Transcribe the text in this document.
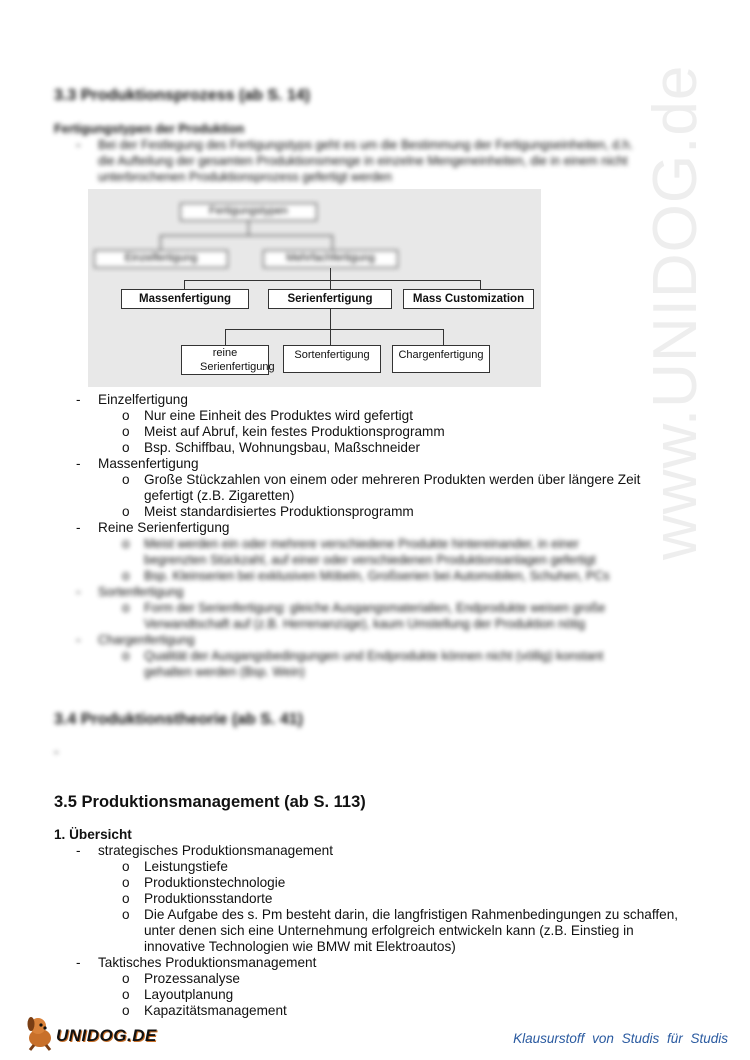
www.UNIDOG.de
3.3 Produktionsprozess (ab S. 14)
Fertigungstypen der Produktion
- Bei der Festlegung des Fertigungstyps geht es um die Bestimmung der Fertigungseinheiten, d.h.
die Aufteilung der gesamten Produktionsmenge in einzelne Mengeneinheiten, die in einem nicht
unterbrochenen Produktionsprozess gefertigt werden
Fertigungstypen
Einzelfertigung	Mehrfachfertigung
Massenfertigung	Serienfertigung	Mass Customization
reine Serienfertigung
Sortenfertigung	Chargenfertigung
- Einzelfertigung
o Nur eine Einheit des Produktes wird gefertigt
o Meist auf Abruf, kein festes Produktionsprogramm
o Bsp. Schiffbau, Wohnungsbau, Maßschneider
- Massenfertigung
o Große Stückzahlen von einem oder mehreren Produkten werden über längere Zeit
gefertigt (z.B. Zigaretten)
o Meist standardisiertes Produktionsprogramm
- Reine Serienfertigung
o Meist werden ein oder mehrere verschiedene Produkte hintereinander, in einer
begrenzten Stückzahl, auf einer oder verschiedenen Produktionsanlagen gefertigt
o Bsp. Kleinserien bei exklusiven Möbeln, Großserien bei Automobilen, Schuhen, PCs
- Sortenfertigung
o Form der Serienfertigung: gleiche Ausgangsmaterialien, Endprodukte weisen große
Verwandtschaft auf (z.B. Herrenanzüge), kaum Umstellung der Produktion nötig
- Chargenfertigung
o Qualität der Ausgangsbedingungen und Endprodukte können nicht (völlig) konstant
gehalten werden (Bsp. Wein)
3.4 Produktionstheorie (ab S. 41)
-
3.5 Produktionsmanagement (ab S. 113)
1. Übersicht
- strategisches Produktionsmanagement
o Leistungstiefe
o Produktionstechnologie
o Produktionsstandorte
o Die Aufgabe des s. Pm besteht darin, die langfristigen Rahmenbedingungen zu schaffen,
unter denen sich eine Unternehmung erfolgreich entwickeln kann (z.B. Einstieg in
innovative Technologien wie BMW mit Elektroautos)
- Taktisches Produktionsmanagement
o Prozessanalyse
o Layoutplanung
o Kapazitätsmanagement
UNIDOG.DE	Klausurstoff von Studis für Studis
